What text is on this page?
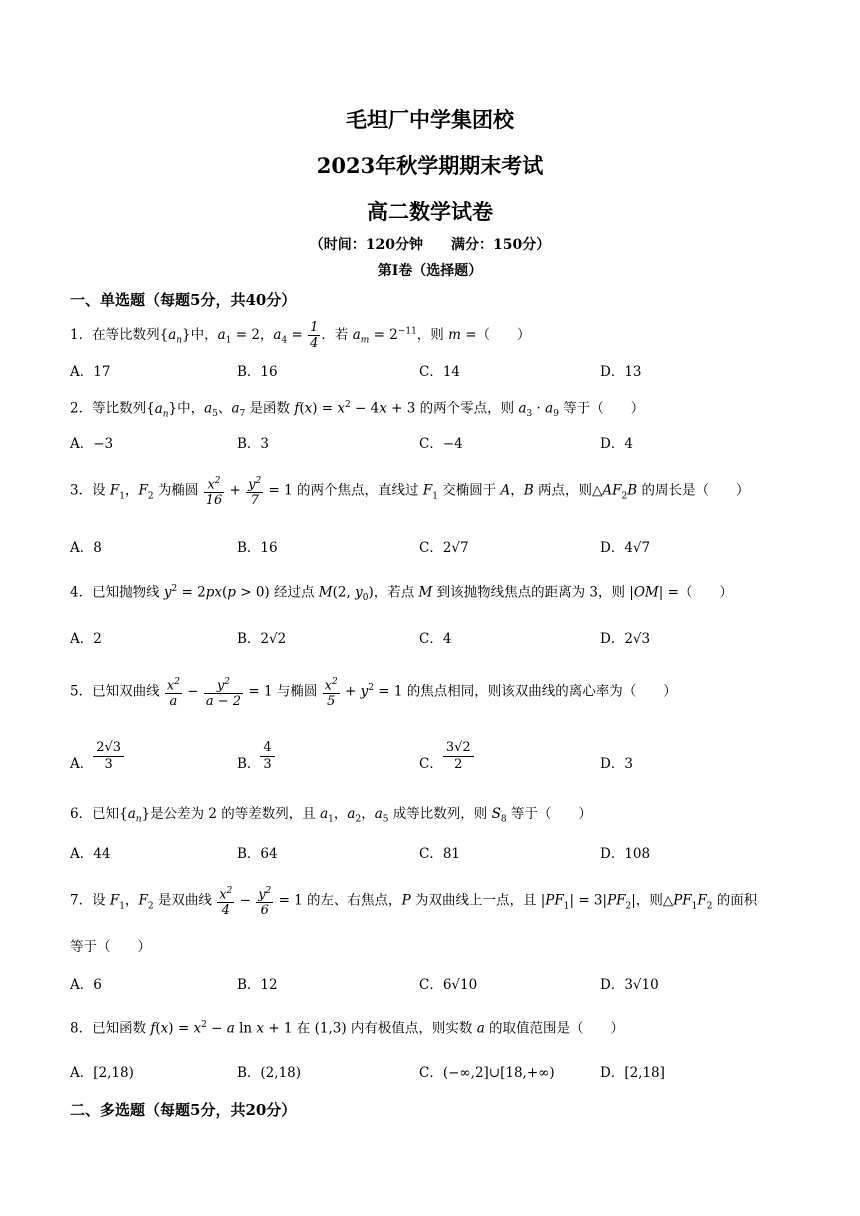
毛坦厂中学集团校
2023年秋学期期末考试
高二数学试卷
（时间：120分钟　　满分：150分）
第Ⅰ卷（选择题）
一、单选题（每题5分，共40分）
1．在等比数列$\{a_n\}$中，$a_1 = 2$，$a_4 = \frac{1}{4}$ ．若 $a_m = 2^{-11}$，则 m =（　　）
A．17	B．16	C．14	D．13
2．等比数列$\{a_n\}$中，$a_5$、$a_7$ 是函数 $f(x) = x^2 - 4x + 3$ 的两个零点，则 $a_3 \cdot a_9$ 等于（　　）
A．−3	B．3	C．−4	D．4
3．设 $F_1$，$F_2$ 为椭圆 $\frac{x^2}{16} + \frac{y^2}{7} = 1$ 的两个焦点，直线过 $F_1$ 交椭圆于 A，B 两点，则$\triangle AF_2B$ 的周长是（　　）
A．8	B．16	C．2√7	D．4√7
4．已知抛物线 $y^2 = 2px(p > 0)$ 经过点 M(2, $y_0$)，若点 M 到该抛物线焦点的距离为 3，则 |OM| =（　　）
A．2	B．2√2	C．4	D．2√3
5．已知双曲线 $\frac{x^2}{a} - \frac{y^2}{a - 2} = 1$ 与椭圆 $\frac{x^2}{5} + y^2 = 1$ 的焦点相同，则该双曲线的离心率为（　　）
A． $\frac{2√3}{3}$	B． $\frac{4}{3}$	C． $\frac{3√2}{2}$	D．3
6．已知$\{a_n\}$是公差为 2 的等差数列，且 $a_1$，$a_2$，$a_5$ 成等比数列，则 $S_8$ 等于（　　）
A．44	B．64	C．81	D．108
7．设 $F_1$，$F_2$ 是双曲线 $\frac{x^2}{4} - \frac{y^2}{6} = 1$ 的左、右焦点，P 为双曲线上一点，且 $|PF_1| = 3|PF_2|$，则$\triangle PF_1F_2$ 的面积
等于（　　）
A．6	B．12	C．6√10	D．3√10
8．已知函数 $f(x) = x^2 - a$ ln x + 1 在 (1,3) 内有极值点，则实数 a 的取值范围是（　　）
A．[2,18)	B．(2,18)	C．(−∞,2]∪[18,+∞)	D．[2,18]
二、多选题（每题5分，共20分）
